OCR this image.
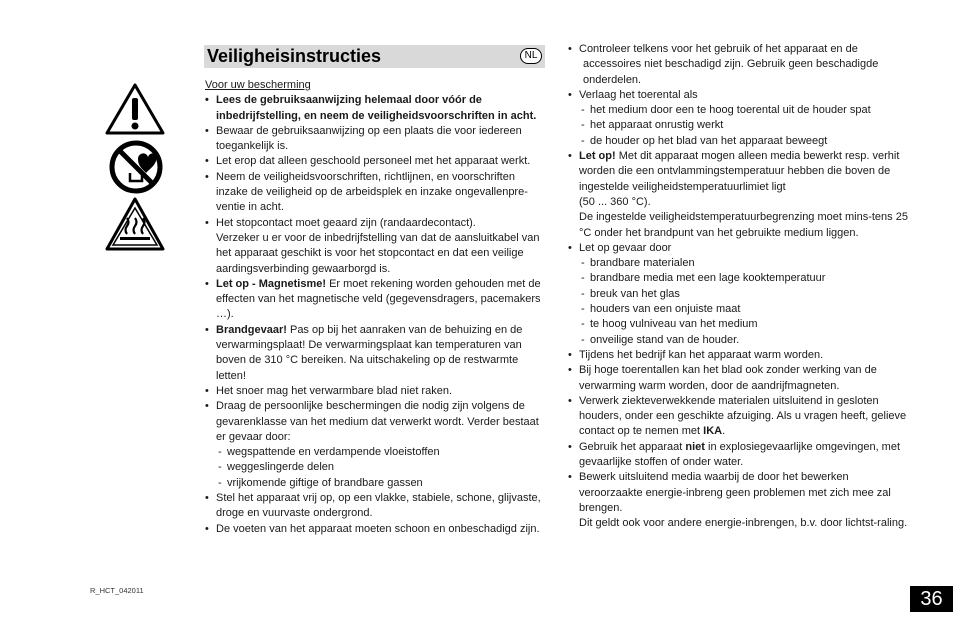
Veiligheisinstructies	NL

Voor uw bescherming

• Lees de gebruiksaanwijzing helemaal door vóór de inbedrijfstelling, en neem de veiligheidsvoorschriften in acht.
• Bewaar de gebruiksaanwijzing op een plaats die voor iedereen toegankelijk is.
• Let erop dat alleen geschoold personeel met het apparaat werkt.
• Neem de veiligheidsvoorschriften, richtlijnen, en voorschriften inzake de veiligheid op de arbeidsplek en inzake ongevallenpre-ventie in acht.
• Het stopcontact moet geaard zijn (randaardecontact).
Verzeker u er voor de inbedrijfstelling van dat de aansluitkabel van het apparaat geschikt is voor het stopcontact en dat een veilige aardingsverbinding gewaarborgd is.
• Let op - Magnetisme! Er moet rekening worden gehouden met de effecten van het magnetische veld (gegevensdragers, pacemakers …).
• Brandgevaar! Pas op bij het aanraken van de behuizing en de verwarmingsplaat! De verwarmingsplaat kan temperaturen van boven de 310 °C bereiken. Na uitschakeling op de restwarmte letten!
• Het snoer mag het verwarmbare blad niet raken.
• Draag de persoonlijke beschermingen die nodig zijn volgens de gevarenklasse van het medium dat verwerkt wordt. Verder bestaat er gevaar door:
- wegspattende en verdampende vloeistoffen
- weggeslingerde delen
- vrijkomende giftige of brandbare gassen
• Stel het apparaat vrij op, op een vlakke, stabiele, schone, glijvaste, droge en vuurvaste ondergrond.
• De voeten van het apparaat moeten schoon en onbeschadigd zijn.
• Controleer telkens voor het gebruik of het apparaat en de
accessoires niet beschadigd zijn. Gebruik geen beschadigde onderdelen.
• Verlaag het toerental als
- het medium door een te hoog toerental uit de houder spat
- het apparaat onrustig werkt
- de houder op het blad van het apparaat beweegt
• Let op! Met dit apparaat mogen alleen media bewerkt resp. verhit worden die een ontvlammingstemperatuur hebben die boven de ingestelde veiligheidstemperatuurlimiet ligt
(50 ... 360 °C).
De ingestelde veiligheidstemperatuurbegrenzing moet mins-tens 25 °C onder het brandpunt van het gebruikte medium liggen.
• Let op gevaar door
- brandbare materialen
- brandbare media met een lage kooktemperatuur
- breuk van het glas
- houders van een onjuiste maat
- te hoog vulniveau van het medium
- onveilige stand van de houder.
• Tijdens het bedrijf kan het apparaat warm worden.
• Bij hoge toerentallen kan het blad ook zonder werking van de verwarming warm worden, door de aandrijfmagneten.
• Verwerk ziekteverwekkende materialen uitsluitend in gesloten houders, onder een geschikte afzuiging. Als u vragen heeft, gelieve contact op te nemen met IKA.
• Gebruik het apparaat niet in explosiegevaarlijke omgevingen, met gevaarlijke stoffen of onder water.
• Bewerk uitsluitend media waarbij de door het bewerken veroorzaakte energie-inbreng geen problemen met zich mee zal brengen.
Dit geldt ook voor andere energie-inbrengen, b.v. door lichtst-raling.
R_HCT_042011	36
